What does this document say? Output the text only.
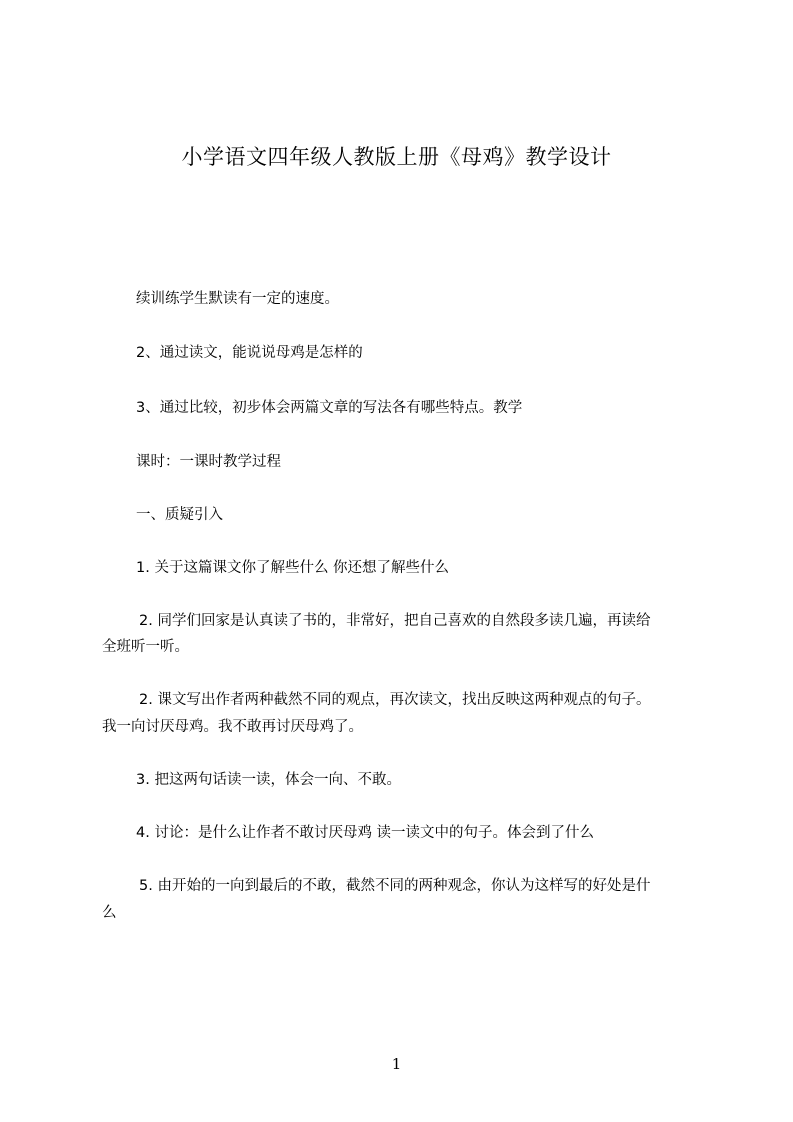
小学语文四年级人教版上册《母鸡》教学设计
续训练学生默读有一定的速度。
2、通过读文，能说说母鸡是怎样的
3、通过比较，初步体会两篇文章的写法各有哪些特点。教学
课时：一课时教学过程
一、质疑引入
1. 关于这篇课文你了解些什么 你还想了解些什么
2. 同学们回家是认真读了书的，非常好，把自己喜欢的自然段多读几遍，再读给
全班听一听。
2. 课文写出作者两种截然不同的观点，再次读文，找出反映这两种观点的句子。
我一向讨厌母鸡。我不敢再讨厌母鸡了。
3. 把这两句话读一读，体会一向、不敢。
4. 讨论：是什么让作者不敢讨厌母鸡 读一读文中的句子。体会到了什么
5. 由开始的一向到最后的不敢，截然不同的两种观念，你认为这样写的好处是什
么
1
